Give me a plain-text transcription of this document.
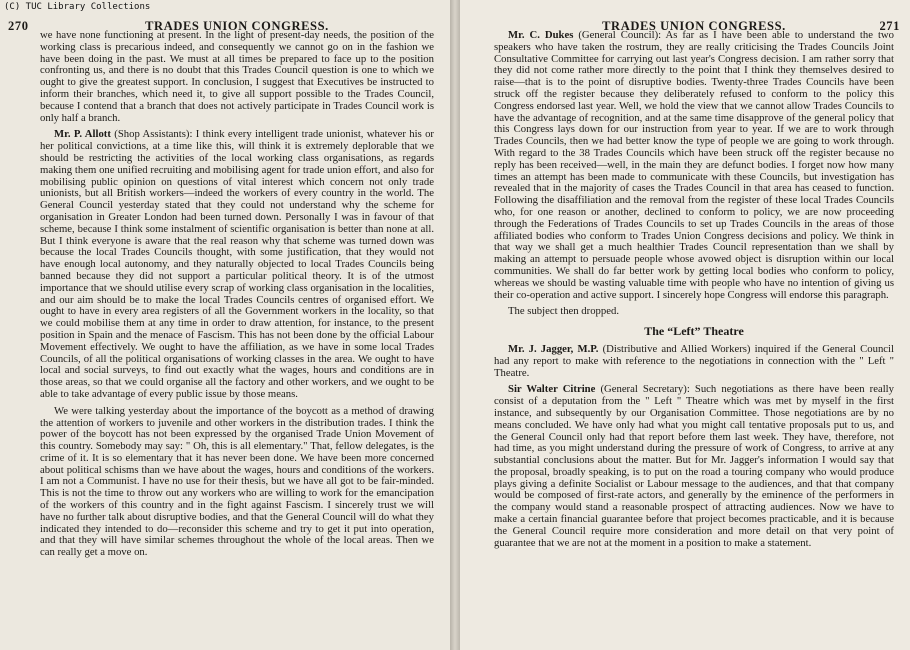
270	TRADES UNION CONGRESS.

we have none functioning at present. In the light of present-day needs, the position of the working class is precarious indeed, and consequently we cannot go on in the fashion we have been doing in the past. We must at all times be prepared to face up to the position confronting us, and there is no doubt that this Trades Council question is one to which we ought to give the greatest support. In conclusion, I suggest that Executives be instructed to inform their branches, which need it, to give all support possible to the Trades Council, because I contend that a branch that does not actively participate in Trades Council work is only half a branch.

Mr. P. Allott (Shop Assistants): I think every intelligent trade unionist, whatever his or her political convictions, at a time like this, will think it is extremely deplorable that we should be restricting the activities of the local working class organisations, as regards making them one unified recruiting and mobilising agent for trade union effort, and also for mobilising public opinion on questions of vital interest which concern not only trade unionists, but all British workers—indeed the workers of every country in the world. The General Council yesterday stated that they could not understand why the scheme for organisation in Greater London had been turned down. Personally I was in favour of that scheme, because I think some instalment of scientific organisation is better than none at all. But I think everyone is aware that the real reason why that scheme was turned down was because the local Trades Councils thought, with some justification, that they would not have enough local autonomy, and they naturally objected to local Trades Councils being banned because they did not support a particular political theory. It is of the utmost importance that we should utilise every scrap of working class organisation in the localities, and our aim should be to make the local Trades Councils centres of organised effort. We ought to have in every area registers of all the Government workers in the locality, so that we could mobilise them at any time in order to draw attention, for instance, to the present position in Spain and the menace of Fascism. This has not been done by the official Labour Movement effectively. We ought to have the affiliation, as we have in some local Trades Councils, of all the political organisations of working classes in the area. We ought to have local and social surveys, to find out exactly what the wages, hours and conditions are in those areas, so that we could organise all the factory and other workers, and we ought to be able to take advantage of every public issue by those means.

We were talking yesterday about the importance of the boycott as a method of drawing the attention of workers to juvenile and other workers in the distribution trades. I think the power of the boycott has not been expressed by the organised Trade Union Movement of this country. Somebody may say: " Oh, this is all elementary." That, fellow delegates, is the crime of it. It is so elementary that it has never been done. We have been more concerned about political schisms than we have about the wages, hours and conditions of the workers. I am not a Communist. I have no use for their thesis, but we have all got to be fair-minded. This is not the time to throw out any workers who are willing to work for the emancipation of the workers of this country and in the fight against Fascism. I sincerely trust we will have no further talk about disruptive bodies, and that the General Council will do what they indicated they intended to do—reconsider this scheme and try to get it put into operation, and that they will have similar schemes throughout the whole of the local areas. Then we can really get a move on.

TRADES UNION CONGRESS.	271

Mr. C. Dukes (General Council): As far as I have been able to understand the two speakers who have taken the rostrum, they are really criticising the Trades Councils Joint Consultative Committee for carrying out last year's Congress decision. I am rather sorry that they did not come rather more directly to the point that I think they themselves desired to raise—that is to the point of disruptive bodies. Twenty-three Trades Councils have been struck off the register because they deliberately refused to conform to the policy this Congress endorsed last year. Well, we hold the view that we cannot allow Trades Councils to have the advantage of recognition, and at the same time disapprove of the general policy that this Congress lays down for our instruction from year to year. If we are to work through Trades Councils, then we had better know the type of people we are going to work through. With regard to the 38 Trades Councils which have been struck off the register because no reply has been received—well, in the main they are defunct bodies. I forget now how many times an attempt has been made to communicate with these Councils, but investigation has revealed that in the majority of cases the Trades Council in that area has ceased to function. Following the disaffiliation and the removal from the register of these local Trades Councils who, for one reason or another, declined to conform to policy, we are now proceeding through the Federations of Trades Councils to set up Trades Councils in the areas of those affiliated bodies who conform to Trades Union Congress decisions and policy. We think in that way we shall get a much healthier Trades Council representation than we shall by making an attempt to persuade people whose avowed object is disruption within our local communities. We shall do far better work by getting local bodies who conform to policy, whereas we should be wasting valuable time with people who have no intention of giving us their co-operation and active support. I sincerely hope Congress will endorse this paragraph.

The subject then dropped.

The “Left” Theatre

Mr. J. Jagger, M.P. (Distributive and Allied Workers) inquired if the General Council had any report to make with reference to the negotiations in connection with the " Left " Theatre.

Sir Walter Citrine (General Secretary): Such negotiations as there have been really consist of a deputation from the " Left " Theatre which was met by myself in the first instance, and subsequently by our Organisation Committee. Those negotiations are by no means concluded. We have only had what you might call tentative proposals put to us, and the General Council only had that report before them last week. They have, therefore, not had time, as you might understand during the pressure of work of Congress, to arrive at any substantial conclusions about the matter. But for Mr. Jagger's information I would say that the proposal, broadly speaking, is to put on the road a touring company who would produce plays giving a definite Socialist or Labour message to the audiences, and that that company would be composed of first-rate actors, and generally by the eminence of the performers in the company would stand a reasonable prospect of attracting audiences. Now we have to make a certain financial guarantee before that project becomes practicable, and it is because the General Council require more consideration and more detail on that very point of guarantee that we are not at the moment in a position to make a statement.

(C) TUC Library Collections
